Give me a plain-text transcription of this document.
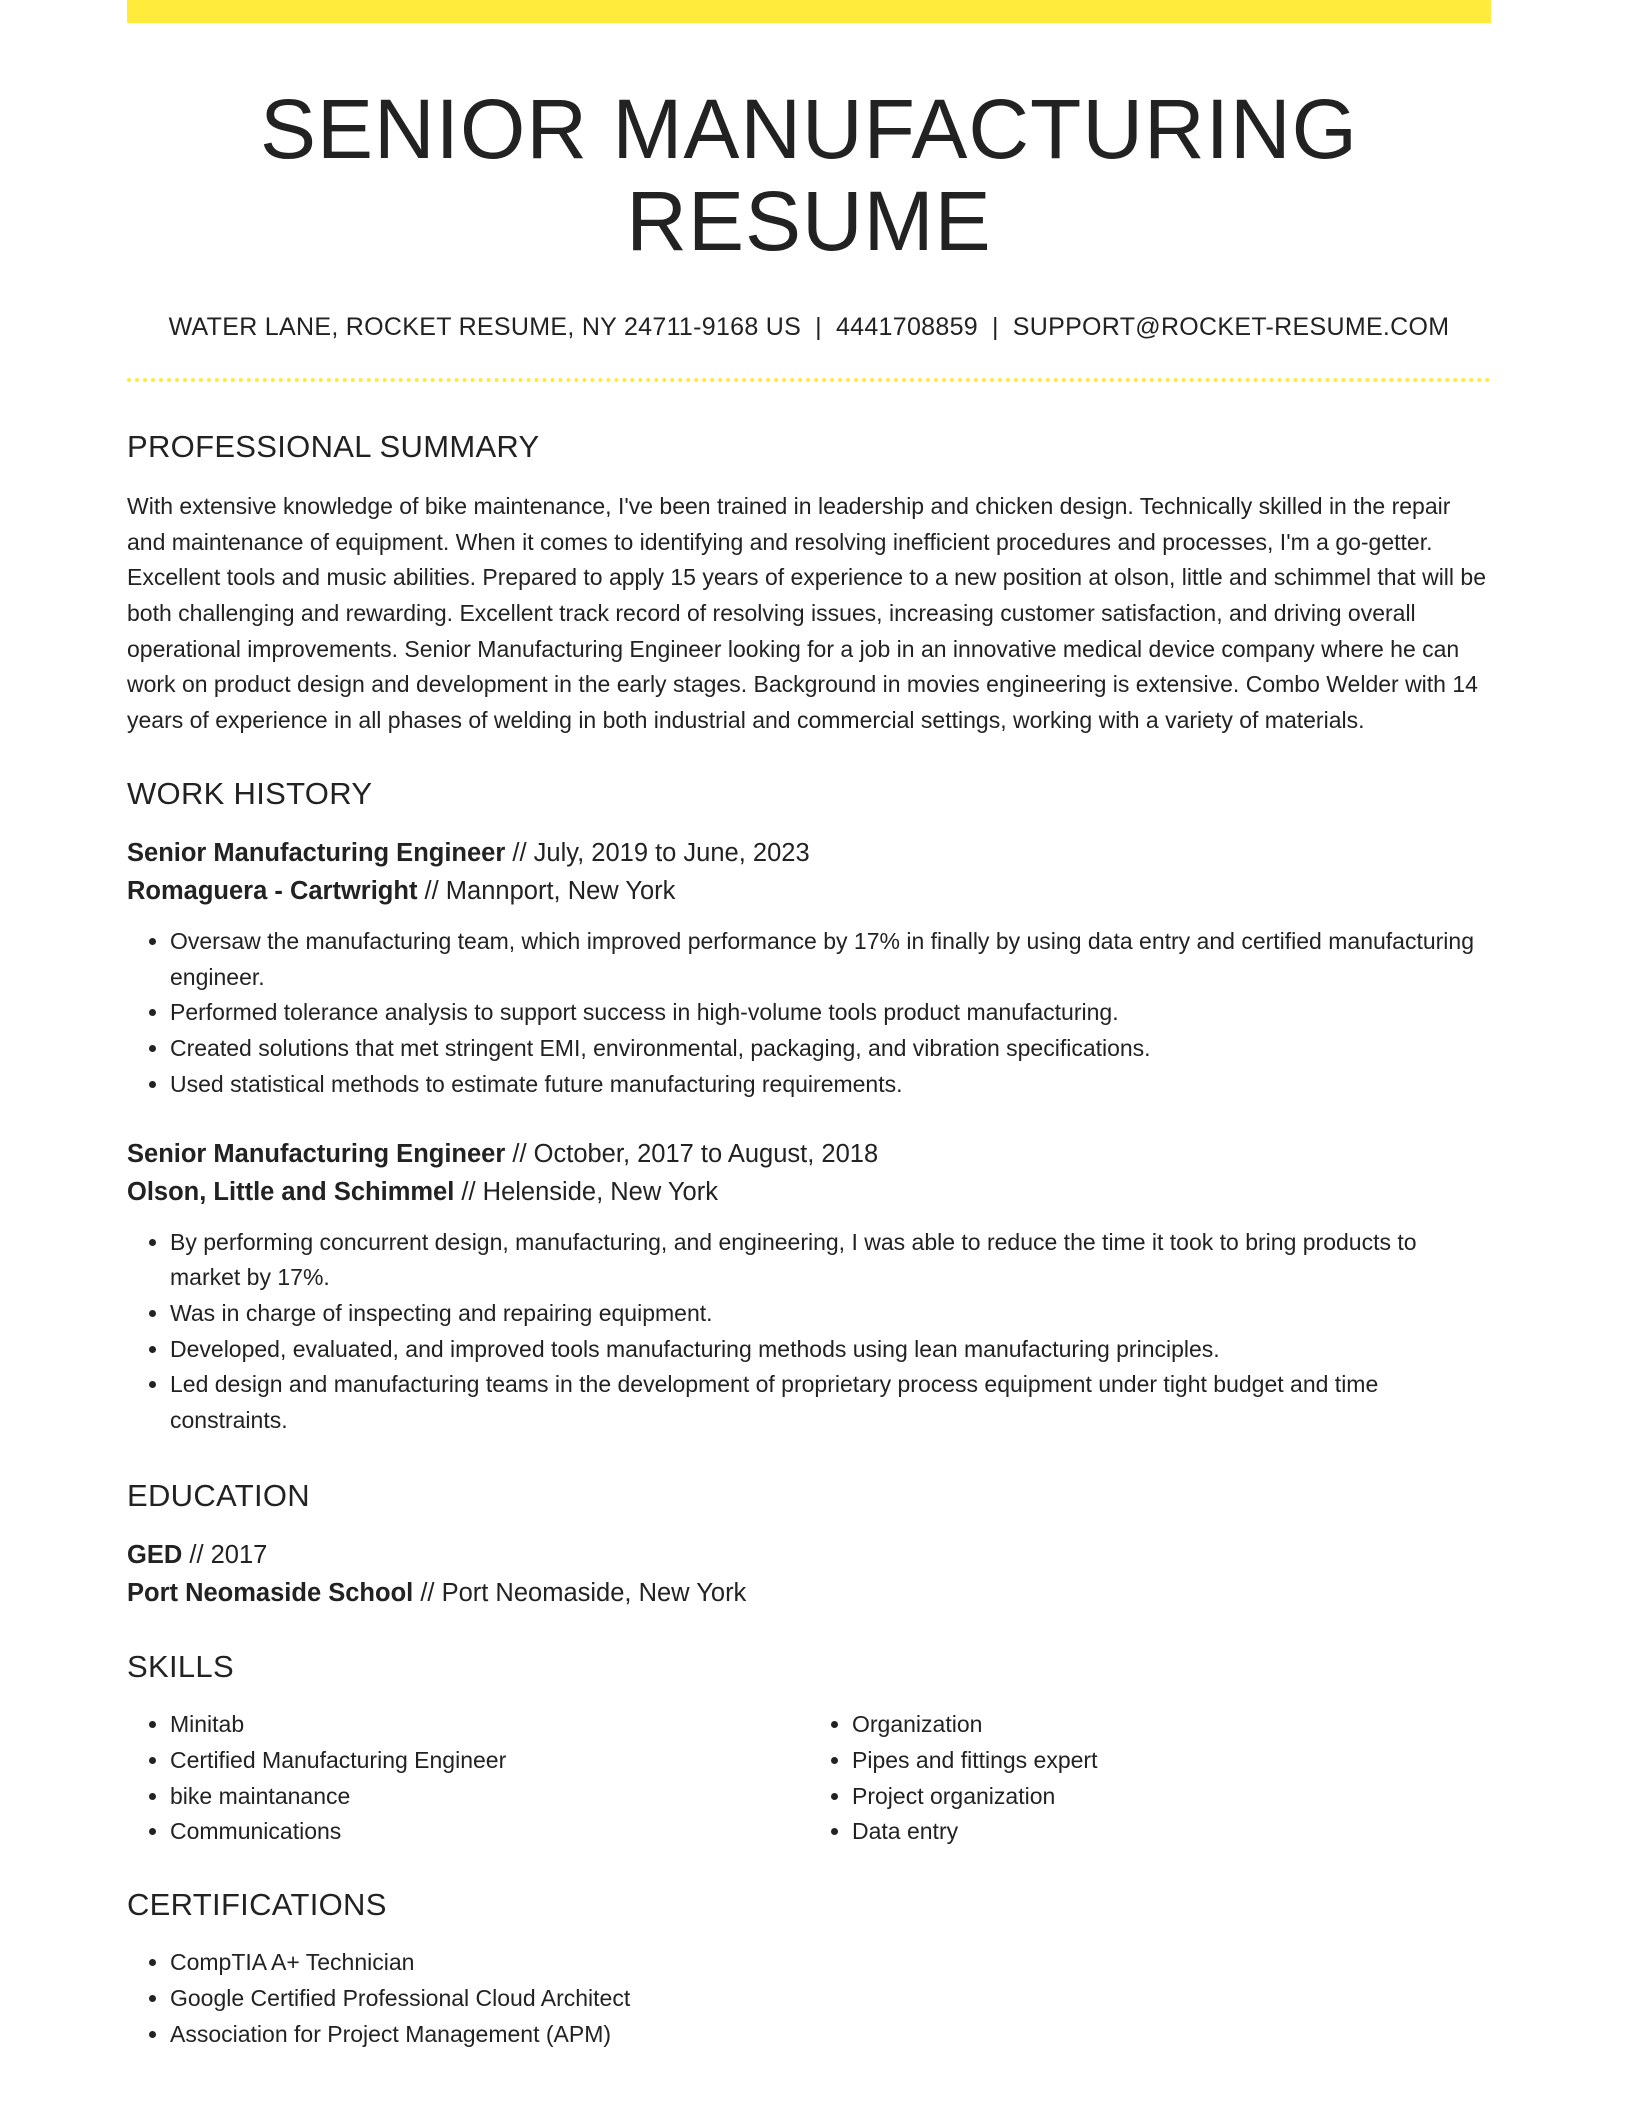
SENIOR MANUFACTURING RESUME
WATER LANE, ROCKET RESUME, NY 24711-9168 US | 4441708859 | SUPPORT@ROCKET-RESUME.COM
PROFESSIONAL SUMMARY

With extensive knowledge of bike maintenance, I've been trained in leadership and chicken design. Technically skilled in the repair and maintenance of equipment. When it comes to identifying and resolving inefficient procedures and processes, I'm a go-getter. Excellent tools and music abilities. Prepared to apply 15 years of experience to a new position at olson, little and schimmel that will be both challenging and rewarding. Excellent track record of resolving issues, increasing customer satisfaction, and driving overall operational improvements. Senior Manufacturing Engineer looking for a job in an innovative medical device company where he can work on product design and development in the early stages. Background in movies engineering is extensive. Combo Welder with 14 years of experience in all phases of welding in both industrial and commercial settings, working with a variety of materials.

WORK HISTORY
Senior Manufacturing Engineer // July, 2019 to June, 2023
Romaguera - Cartwright // Mannport, New York
• Oversaw the manufacturing team, which improved performance by 17% in finally by using data entry and certified manufacturing engineer.
• Performed tolerance analysis to support success in high-volume tools product manufacturing.
• Created solutions that met stringent EMI, environmental, packaging, and vibration specifications.
• Used statistical methods to estimate future manufacturing requirements.
Senior Manufacturing Engineer // October, 2017 to August, 2018
Olson, Little and Schimmel // Helenside, New York
• By performing concurrent design, manufacturing, and engineering, I was able to reduce the time it took to bring products to market by 17%.
• Was in charge of inspecting and repairing equipment.
• Developed, evaluated, and improved tools manufacturing methods using lean manufacturing principles.
• Led design and manufacturing teams in the development of proprietary process equipment under tight budget and time constraints.
EDUCATION
GED // 2017
Port Neomaside School // Port Neomaside, New York
SKILLS
• Minitab
• Certified Manufacturing Engineer
• bike maintanance
• Communications
• Organization
• Pipes and fittings expert
• Project organization
• Data entry
CERTIFICATIONS
• CompTIA A+ Technician
• Google Certified Professional Cloud Architect
• Association for Project Management (APM)
